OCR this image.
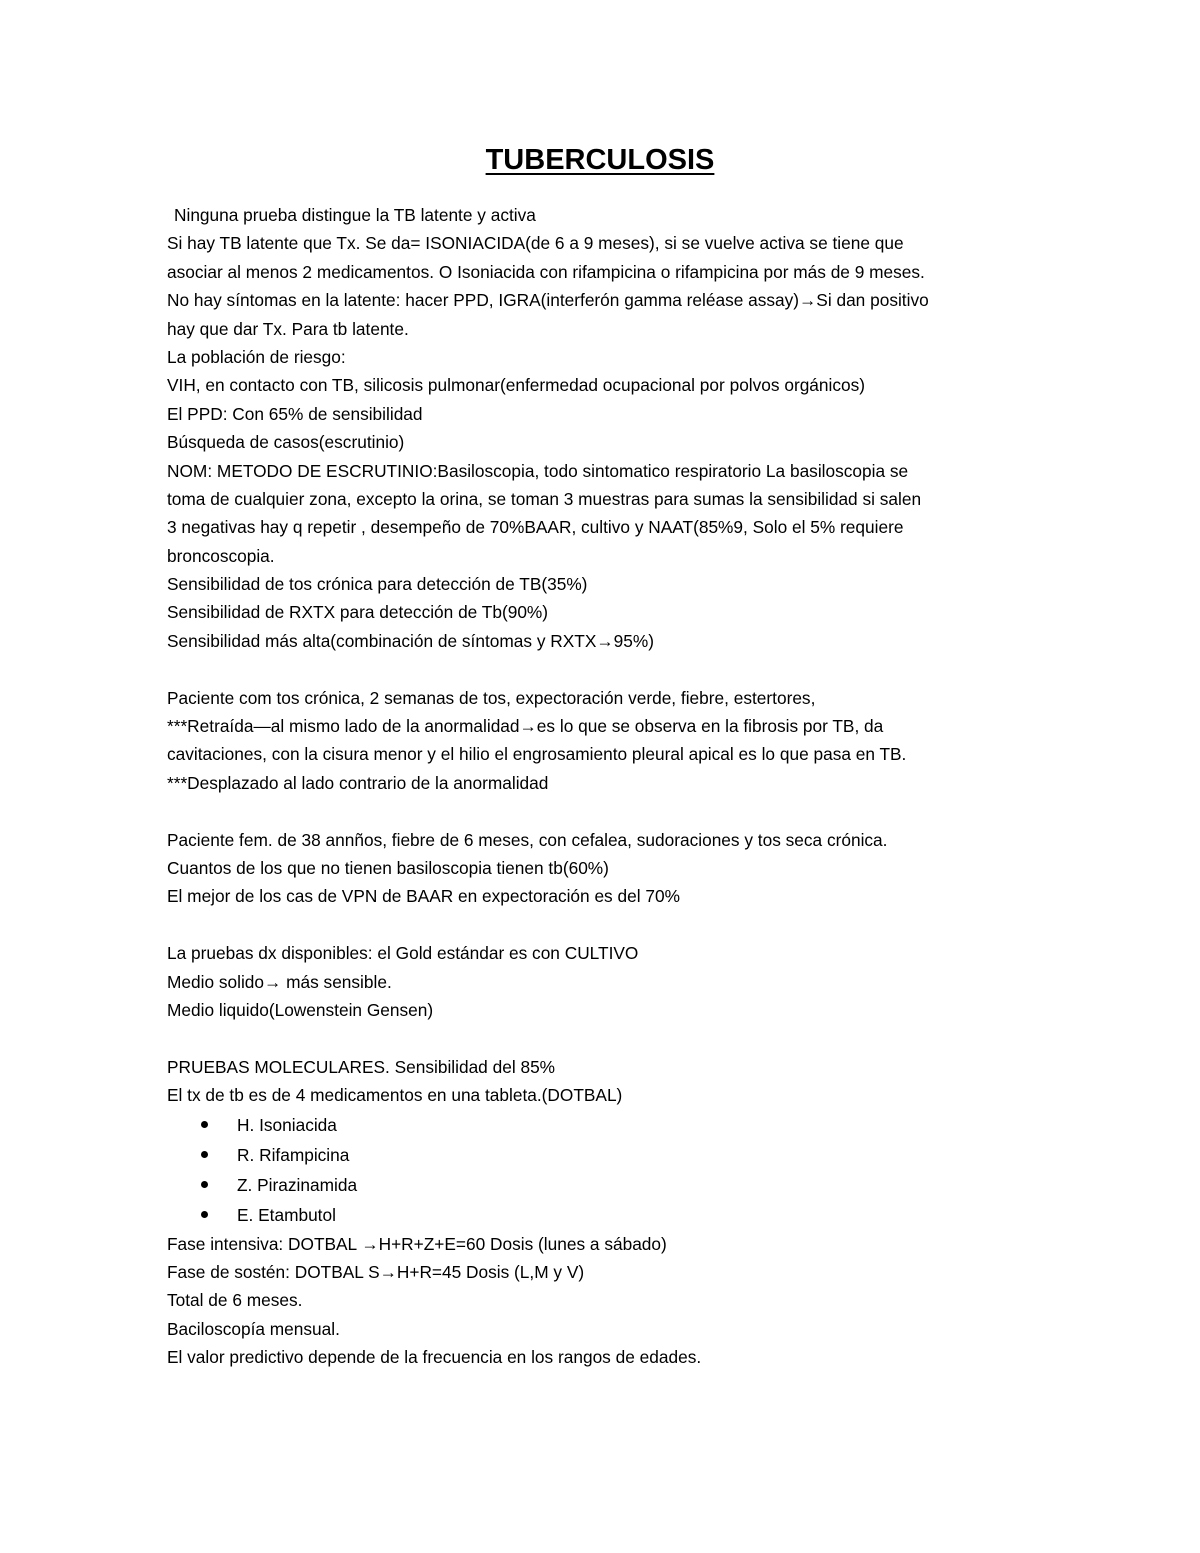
TUBERCULOSIS
Ninguna prueba distingue la TB latente y activa
Si hay TB latente que Tx. Se da= ISONIACIDA(de 6 a 9 meses), si se vuelve activa se tiene que
asociar al menos 2 medicamentos. O Isoniacida con rifampicina o rifampicina por más de 9 meses.
No hay síntomas en la latente: hacer PPD, IGRA(interferón gamma reléase assay)→Si dan positivo
hay que dar Tx. Para tb latente.
La población de riesgo:
VIH, en contacto con TB, silicosis pulmonar(enfermedad ocupacional por polvos orgánicos)
El PPD: Con 65% de sensibilidad
Búsqueda de casos(escrutinio)
NOM: METODO DE ESCRUTINIO:Basiloscopia, todo sintomatico respiratorio La basiloscopia se
toma de cualquier zona, excepto la orina, se toman 3 muestras para sumas la sensibilidad si salen
3 negativas hay q repetir , desempeño de 70%BAAR, cultivo y NAAT(85%9, Solo el 5% requiere
broncoscopia.
Sensibilidad de tos crónica para detección de TB(35%)
Sensibilidad de RXTX para detección de Tb(90%)
Sensibilidad más alta(combinación de síntomas y RXTX→95%)
Paciente com tos crónica, 2 semanas de tos, expectoración verde, fiebre, estertores,
***Retraída—al mismo lado de la anormalidad→es lo que se observa en la fibrosis por TB, da
cavitaciones, con la cisura menor y el hilio el engrosamiento pleural apical es lo que pasa en TB.
***Desplazado al lado contrario de la anormalidad
Paciente fem. de 38 annños, fiebre de 6 meses, con cefalea, sudoraciones y tos seca crónica.
Cuantos de los que no tienen basiloscopia tienen tb(60%)
El mejor de los cas de VPN de BAAR en expectoración es del 70%
La pruebas dx disponibles: el Gold estándar es con CULTIVO
Medio solido→ más sensible.
Medio liquido(Lowenstein Gensen)
PRUEBAS MOLECULARES. Sensibilidad del 85%
El tx de tb es de 4 medicamentos en una tableta.(DOTBAL)
H. Isoniacida
R. Rifampicina
Z. Pirazinamida
E. Etambutol
Fase intensiva: DOTBAL →H+R+Z+E=60 Dosis (lunes a sábado)
Fase de sostén: DOTBAL S→H+R=45 Dosis (L,M y V)
Total de 6 meses.
Baciloscopía mensual.
El valor predictivo depende de la frecuencia en los rangos de edades.
